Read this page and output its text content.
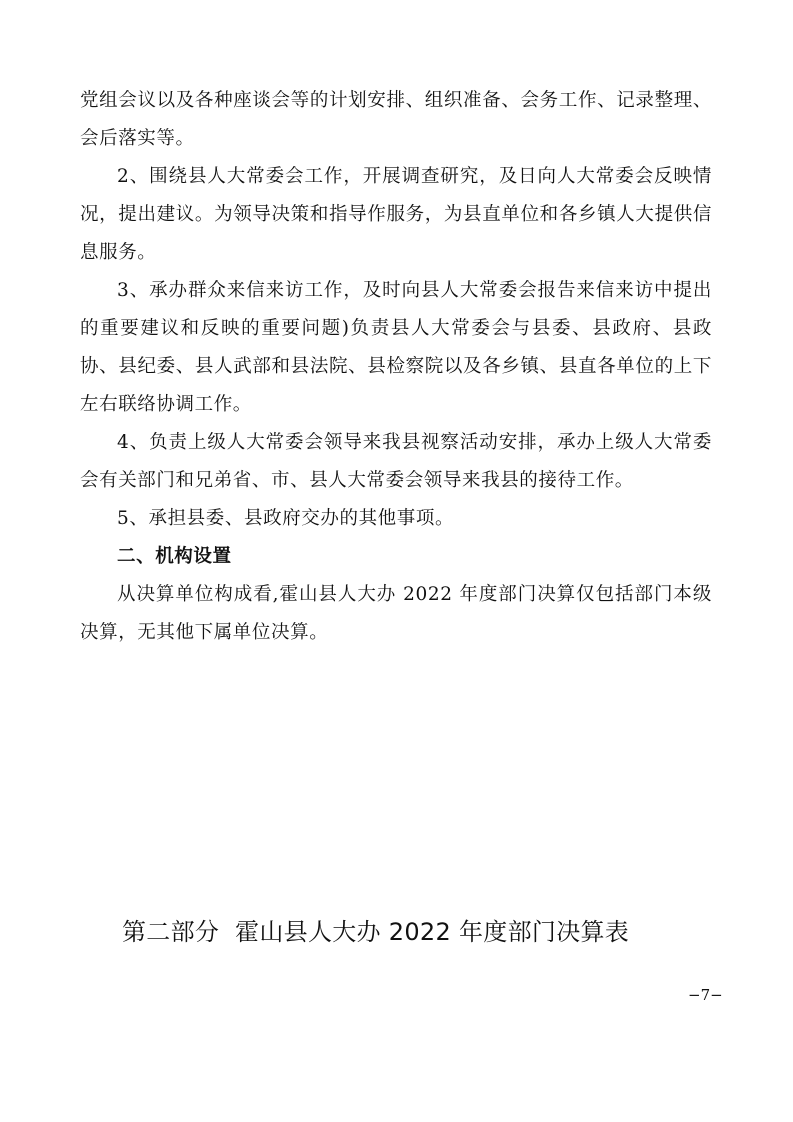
党组会议以及各种座谈会等的计划安排、组织准备、会务工作、记录整理、会后落实等。

2、围绕县人大常委会工作，开展调查研究，及日向人大常委会反映情况，提出建议。为领导决策和指导作服务，为县直单位和各乡镇人大提供信息服务。

3、承办群众来信来访工作，及时向县人大常委会报告来信来访中提出的重要建议和反映的重要问题)负责县人大常委会与县委、县政府、县政协、县纪委、县人武部和县法院、县检察院以及各乡镇、县直各单位的上下左右联络协调工作。

4、负责上级人大常委会领导来我县视察活动安排，承办上级人大常委会有关部门和兄弟省、市、县人大常委会领导来我县的接待工作。

5、承担县委、县政府交办的其他事项。

二、机构设置

从决算单位构成看,霍山县人大办 2022 年度部门决算仅包括部门本级决算，无其他下属单位决算。

第二部分  霍山县人大办 2022 年度部门决算表
−7−
